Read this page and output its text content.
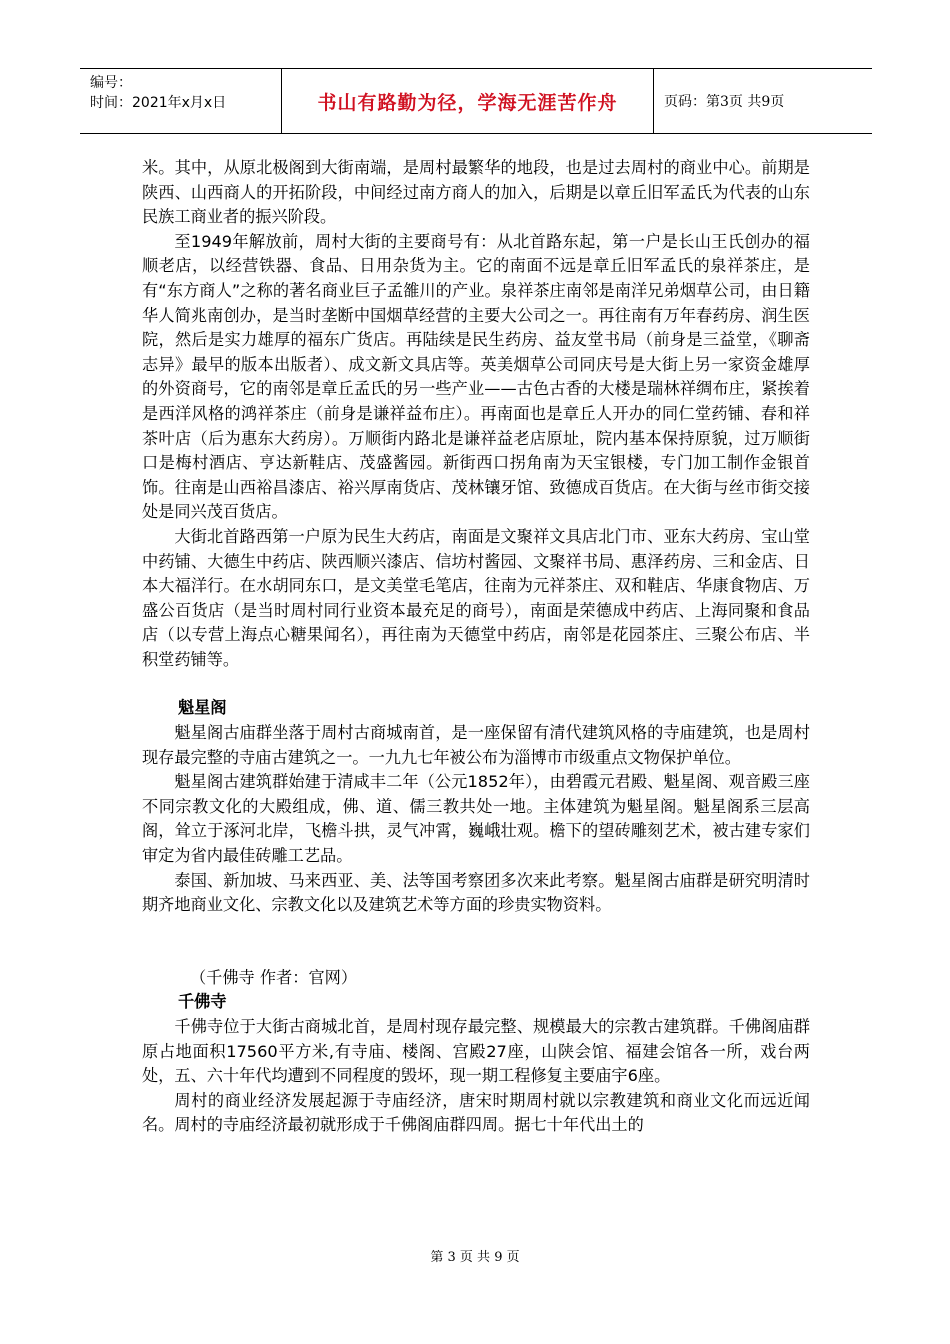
编号：
时间：2021年x月x日	书山有路勤为径，学海无涯苦作舟	页码：第3页 共9页

米。其中，从原北极阁到大街南端，是周村最繁华的地段，也是过去周村的商业中心。前期是陕西、山西商人的开拓阶段，中间经过南方商人的加入，后期是以章丘旧军孟氏为代表的山东民族工商业者的振兴阶段。

至1949年解放前，周村大街的主要商号有：从北首路东起，第一户是长山王氏创办的福顺老店，以经营铁器、食品、日用杂货为主。它的南面不远是章丘旧军孟氏的泉祥茶庄，是有“东方商人”之称的著名商业巨子孟雒川的产业。泉祥茶庄南邻是南洋兄弟烟草公司，由日籍华人简兆南创办，是当时垄断中国烟草经营的主要大公司之一。再往南有万年春药房、润生医院，然后是实力雄厚的福东广货店。再陆续是民生药房、益友堂书局（前身是三益堂，《聊斋志异》最早的版本出版者）、成文新文具店等。英美烟草公司同庆号是大街上另一家资金雄厚的外资商号，它的南邻是章丘孟氏的另一些产业——古色古香的大楼是瑞林祥绸布庄，紧挨着是西洋风格的鸿祥茶庄（前身是谦祥益布庄）。再南面也是章丘人开办的同仁堂药铺、春和祥茶叶店（后为惠东大药房）。万顺街内路北是谦祥益老店原址，院内基本保持原貌，过万顺街口是梅村酒店、亨达新鞋店、茂盛酱园。新街西口拐角南为天宝银楼，专门加工制作金银首饰。往南是山西裕昌漆店、裕兴厚南货店、茂林镶牙馆、致德成百货店。在大街与丝市街交接处是同兴茂百货店。

大街北首路西第一户原为民生大药店，南面是文聚祥文具店北门市、亚东大药房、宝山堂中药铺、大德生中药店、陕西顺兴漆店、信坊村酱园、文聚祥书局、惠泽药房、三和金店、日本大福洋行。在水胡同东口，是文美堂毛笔店，往南为元祥茶庄、双和鞋店、华康食物店、万盛公百货店（是当时周村同行业资本最充足的商号），南面是荣德成中药店、上海同聚和食品店（以专营上海点心糖果闻名），再往南为天德堂中药店，南邻是花园茶庄、三聚公布店、半积堂药铺等。

魁星阁

魁星阁古庙群坐落于周村古商城南首，是一座保留有清代建筑风格的寺庙建筑，也是周村现存最完整的寺庙古建筑之一。一九九七年被公布为淄博市市级重点文物保护单位。

魁星阁古建筑群始建于清咸丰二年（公元1852年），由碧霞元君殿、魁星阁、观音殿三座不同宗教文化的大殿组成，佛、道、儒三教共处一地。主体建筑为魁星阁。魁星阁系三层高阁，耸立于涿河北岸，飞檐斗拱，灵气冲霄，巍峨壮观。檐下的望砖雕刻艺术，被古建专家们审定为省内最佳砖雕工艺品。

泰国、新加坡、马来西亚、美、法等国考察团多次来此考察。魁星阁古庙群是研究明清时期齐地商业文化、宗教文化以及建筑艺术等方面的珍贵实物资料。

（千佛寺 作者：官网）
千佛寺

千佛寺位于大街古商城北首，是周村现存最完整、规模最大的宗教古建筑群。千佛阁庙群原占地面积17560平方米,有寺庙、楼阁、宫殿27座，山陕会馆、福建会馆各一所，戏台两处，五、六十年代均遭到不同程度的毁坏，现一期工程修复主要庙宇6座。

周村的商业经济发展起源于寺庙经济，唐宋时期周村就以宗教建筑和商业文化而远近闻名。周村的寺庙经济最初就形成于千佛阁庙群四周。据七十年代出土的

第 3 页 共 9 页
